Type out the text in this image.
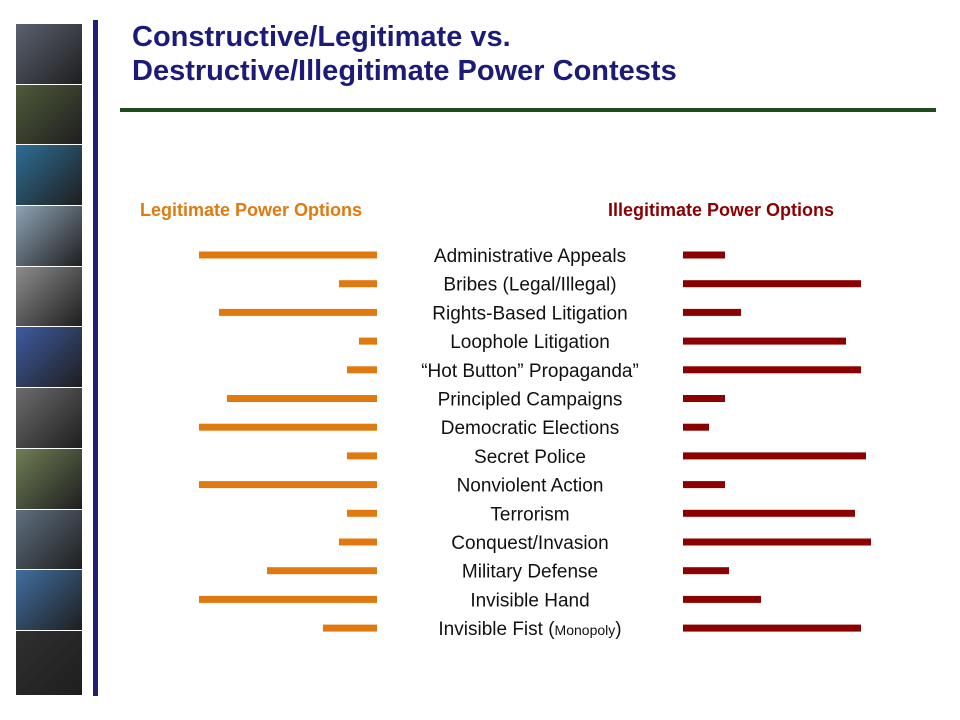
Constructive/Legitimate vs.
Destructive/Illegitimate Power Contests
Legitimate Power Options	Illegitimate Power Options
Administrative Appeals
Bribes (Legal/Illegal)
Rights-Based Litigation
Loophole Litigation
“Hot Button” Propaganda”
Principled Campaigns
Democratic Elections
Secret Police
Nonviolent Action
Terrorism
Conquest/Invasion
Military Defense
Invisible Hand
Invisible Fist (Monopoly)
